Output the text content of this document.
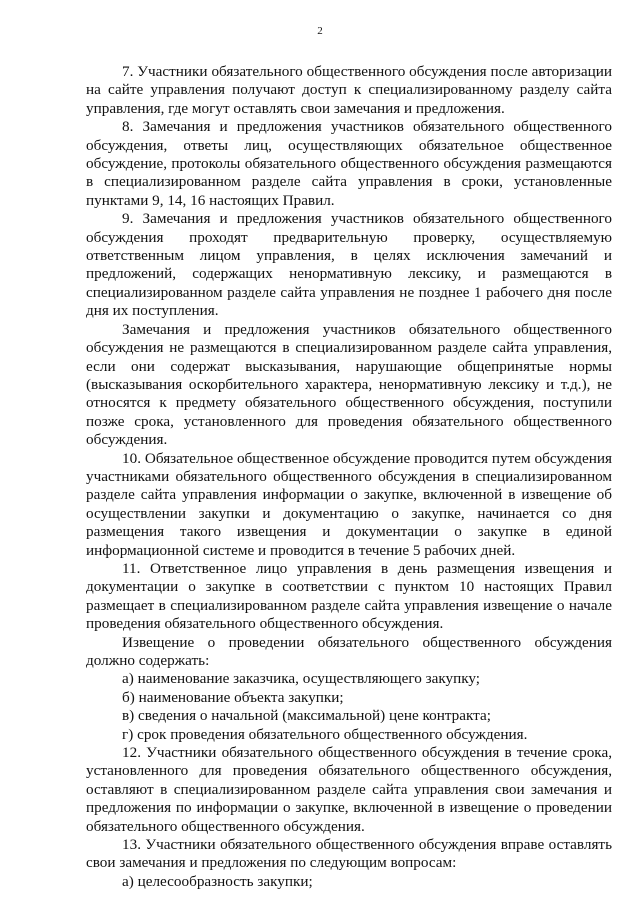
2

7. Участники обязательного общественного обсуждения после авторизации на сайте управления получают доступ к специализированному разделу сайта управления, где могут оставлять свои замечания и предложения.

8. Замечания и предложения участников обязательного общественного обсуждения, ответы лиц, осуществляющих обязательное общественное обсуждение, протоколы обязательного общественного обсуждения размещаются в специализированном разделе сайта управления в сроки, установленные пунктами 9, 14, 16 настоящих Правил.

9. Замечания и предложения участников обязательного общественного обсуждения проходят предварительную проверку, осуществляемую ответственным лицом управления, в целях исключения замечаний и предложений, содержащих ненормативную лексику, и размещаются в специализированном разделе сайта управления не позднее 1 рабочего дня после дня их поступления.

Замечания и предложения участников обязательного общественного обсуждения не размещаются в специализированном разделе сайта управления, если они содержат высказывания, нарушающие общепринятые нормы (высказывания оскорбительного характера, ненормативную лексику и т.д.), не относятся к предмету обязательного общественного обсуждения, поступили позже срока, установленного для проведения обязательного общественного обсуждения.

10. Обязательное общественное обсуждение проводится путем обсуждения участниками обязательного общественного обсуждения в специализированном разделе сайта управления информации о закупке, включенной в извещение об осуществлении закупки и документацию о закупке, начинается со дня размещения такого извещения и документации о закупке в единой информационной системе и проводится в течение 5 рабочих дней.

11. Ответственное лицо управления в день размещения извещения и документации о закупке в соответствии с пунктом 10 настоящих Правил размещает в специализированном разделе сайта управления извещение о начале проведения обязательного общественного обсуждения.

Извещение о проведении обязательного общественного обсуждения должно содержать:

а) наименование заказчика, осуществляющего закупку;

б) наименование объекта закупки;

в) сведения о начальной (максимальной) цене контракта;

г) срок проведения обязательного общественного обсуждения.

12. Участники обязательного общественного обсуждения в течение срока, установленного для проведения обязательного общественного обсуждения, оставляют в специализированном разделе сайта управления свои замечания и предложения по информации о закупке, включенной в извещение о проведении обязательного общественного обсуждения.

13. Участники обязательного общественного обсуждения вправе оставлять свои замечания и предложения по следующим вопросам:

а) целесообразность закупки;
